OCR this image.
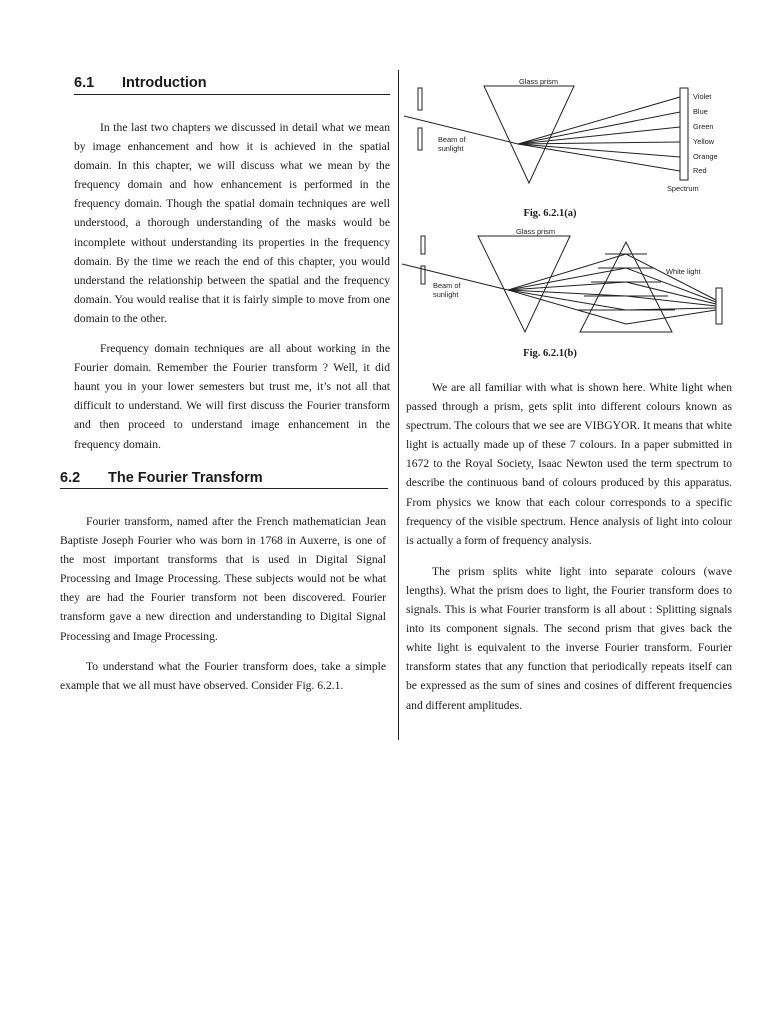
6.1 Introduction

In the last two chapters we discussed in detail what we mean by image enhancement and how it is achieved in the spatial domain. In this chapter, we will discuss what we mean by the frequency domain and how enhancement is performed in the frequency domain. Though the spatial domain techniques are well understood, a thorough understanding of the masks would be incomplete without understanding its properties in the frequency domain. By the time we reach the end of this chapter, you would understand the relationship between the spatial and the frequency domain. You would realise that it is fairly simple to move from one domain to the other.

Frequency domain techniques are all about working in the Fourier domain. Remember the Fourier transform ? Well, it did haunt you in your lower semesters but trust me, it’s not all that difficult to understand. We will first discuss the Fourier transform and then proceed to understand image enhancement in the frequency domain.

6.2 The Fourier Transform

Fourier transform, named after the French mathematician Jean Baptiste Joseph Fourier who was born in 1768 in Auxerre, is one of the most important transforms that is used in Digital Signal Processing and Image Processing. These subjects would not be what they are had the Fourier transform not been discovered. Fourier transform gave a new direction and understanding to Digital Signal Processing and Image Processing.

To understand what the Fourier transform does, take a simple example that we all must have observed. Consider Fig. 6.2.1.

Glass prism
Beam of
sunlight
Violet
Blue
Green
Yellow
Orange
Red
Spectrum
Fig. 6.2.1(a)
Glass prism
White light
Beam of
sunlight
Fig. 6.2.1(b)

We are all familiar with what is shown here. White light when passed through a prism, gets split into different colours known as spectrum. The colours that we see are VIBGYOR. It means that white light is actually made up of these 7 colours. In a paper submitted in 1672 to the Royal Society, Isaac Newton used the term spectrum to describe the continuous band of colours produced by this apparatus. From physics we know that each colour corresponds to a specific frequency of the visible spectrum. Hence analysis of light into colour is actually a form of frequency analysis.

The prism splits white light into separate colours (wave lengths). What the prism does to light, the Fourier transform does to signals. This is what Fourier transform is all about : Splitting signals into its component signals. The second prism that gives back the white light is equivalent to the inverse Fourier transform. Fourier transform states that any function that periodically repeats itself can be expressed as the sum of sines and cosines of different frequencies and different amplitudes.
